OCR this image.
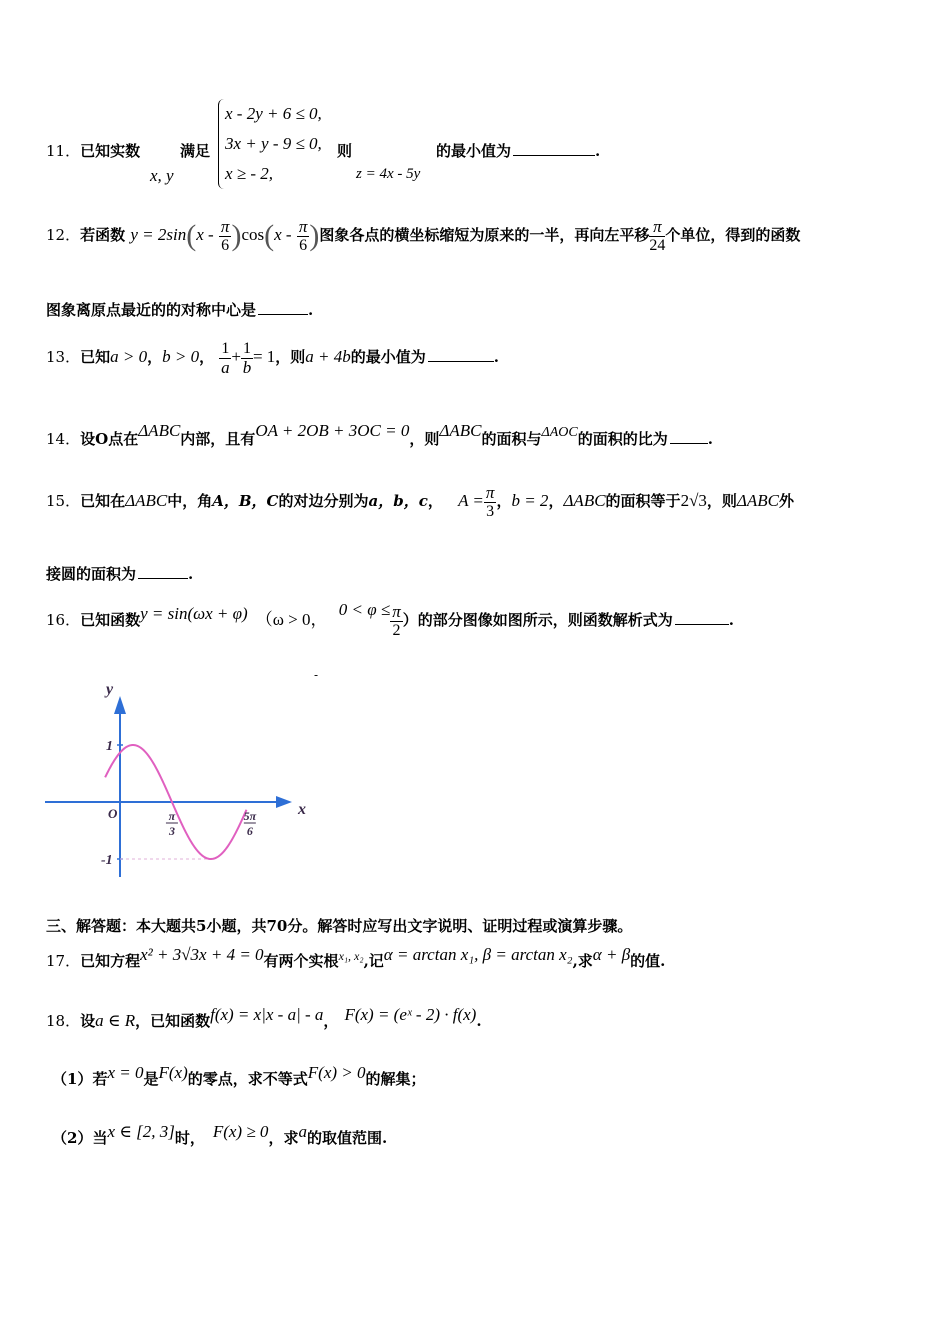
11．已知实数
x, y
满足
x - 2y + 6 ≤ 0,
3x + y - 9 ≤ 0,
x ≥ - 2,
则
z = 4x - 5y
的最小值为	.
12．若函数 $y = 2\sin(x - \frac{\pi}{6} )\cos(x - \frac{\pi}{6}$ )图象各点的横坐标缩短为原来的一半，再向左平移 $\frac{\pi}{24}$ 个单位，得到的函数
图象离原点最近的的对称中心是	.
13．已知a > 0，b > 0， $\frac{1}{a} + \frac{1}{b} = 1$，则a + 4b的最小值为	.
14．设O点在ΔABC内部，且有OA + 2OB + 3OC = 0，则ΔABC的面积与ΔAOC的面积的比为	.
15．已知在ΔABC中，角A，B，C的对边分别为a，b，c， $A = \frac{\pi}{3}$ ，b = 2，ΔABC的面积等于2√3，则ΔABC外
接圆的面积为	.
16．已知函数y = sin(ωx + φ) （ω > 0， $0 < \varphi \le \frac{\pi}{2}$ ）的部分图像如图所示，则函数解析式为	.
y
x
O
1
-1
π
3
5π
6
-
三、解答题：本大题共5小题，共70分。解答时应写出文字说明、证明过程或演算步骤。
17．已知方程x² + 3√3x + 4 = 0有两个实根$^{x_1, x_2}$,记α = arctan x₁, β = arctan x₂,求α + β的值.
18．设a ∈ R，已知函数f(x) = x|x - a| - a， F(x) = (eˣ - 2) · f(x).
（1）若x = 0是F(x)的零点，求不等式F(x) > 0的解集；
（2）当x ∈ [2, 3]时， F(x) ≥ 0，求a的取值范围.
